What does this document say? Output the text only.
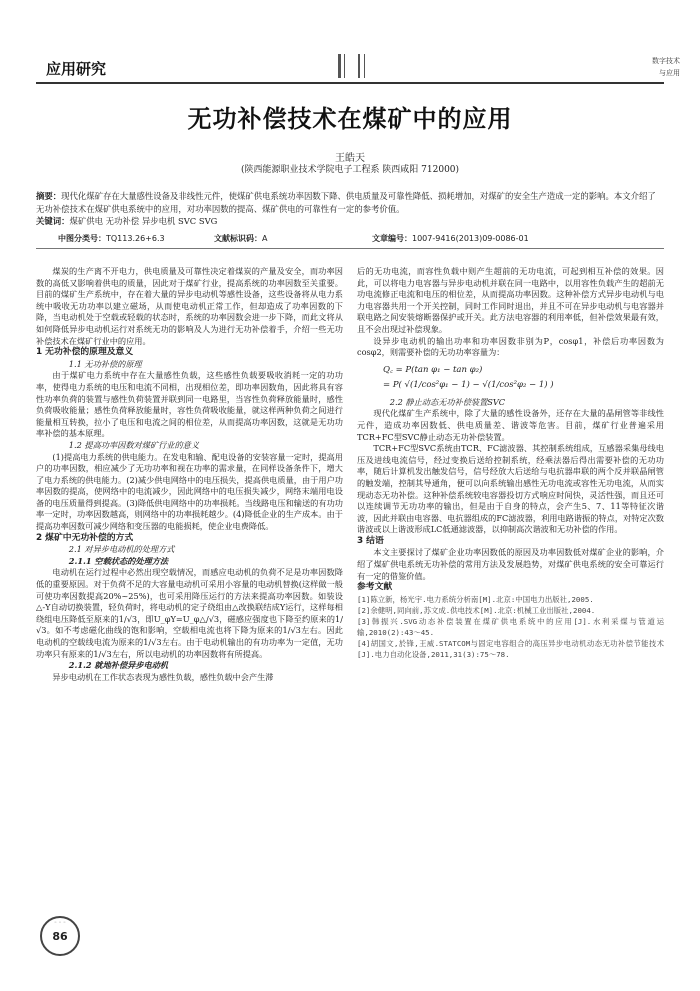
应用研究	数字技术
与应用
无功补偿技术在煤矿中的应用
王皓天
(陕西能源职业技术学院电子工程系 陕西咸阳 712000)
摘要：现代化煤矿存在大量感性设备及非线性元件，使煤矿供电系统功率因数下降、供电质量及可靠性降低、损耗增加，对煤矿的安全生产造成一定的影响。本文介绍了无功补偿技术在煤矿供电系统中的应用，对功率因数的提高、煤矿供电的可靠性有一定的参考价值。
关键词：煤矿供电 无功补偿 异步电机 SVC SVG
中图分类号：TQ113.26+6.3	文献标识码：A	文章编号：1007-9416(2013)09-0086-01

煤炭的生产离不开电力，供电质量及可靠性决定着煤炭的产量及安全，而功率因数的高低又影响着供电的质量，因此对于煤矿行业，提高系统的功率因数至关重要。目前的煤矿生产系统中，存在着大量的异步电动机等感性设备，这些设备将从电力系统中吸收无功功率以建立磁场，从而使电动机正常工作，但却造成了功率因数的下降，当电动机处于空载或轻载的状态时，系统的功率因数会进一步下降，而此文将从如何降低异步电动机运行对系统无功的影响及人为进行无功补偿着手，介绍一些无功补偿技术在煤矿行业中的应用。

1 无功补偿的原理及意义

1.1 无功补偿的原理

由于煤矿电力系统中存在大量感性负载，这些感性负载要吸收消耗一定的功功率，使得电力系统的电压和电流不同相，出现相位差，即功率因数角，因此将具有容性功率负荷的装置与感性负荷装置并联到同一电路里，当容性负荷释放能量时，感性负荷吸收能量；感性负荷释放能量时，容性负荷吸收能量，就这样两种负荷之间进行能量相互转换，拉小了电压和电流之间的相位差，从而提高功率因数，这就是无功功率补偿的基本原理。

1.2 提高功率因数对煤矿行业的意义

(1)提高电力系统的供电能力。在发电和输、配电设备的安装容量一定时，提高用户的功率因数，相应减少了无功功率和视在功率的需求量，在同样设备条件下，增大了电力系统的供电能力。(2)减少供电网络中的电压损失，提高供电质量，由于用户功率因数的提高，使网络中的电流减少，因此网络中的电压损失减少，网络末端用电设备的电压质量得到提高。(3)降低供电网络中的功率损耗。当线路电压和输送的有功功率一定时，功率因数越高，则网络中的功率损耗越少。(4)降低企业的生产成本。由于提高功率因数可减少网络和变压器的电能损耗，使企业电费降低。

2 煤矿中无功补偿的方式

2.1 对异步电动机的处理方式

2.1.1 空载状态的处理方法

电动机在运行过程中必然出现空载情况，而感应电动机的负荷不足是功率因数降低的重要原因。对于负荷不足的大容量电动机可采用小容量的电动机替换(这样做一般可使功率因数提高20%~25%)，也可采用降压运行的方法来提高功率因数。如装设△-Y自动切换装置，轻负荷时，将电动机的定子绕组由△改换联结成Y运行，这样每相绕组电压降低至原来的1/√3，即U_φY=U_φ△/√3，磁感应强度也下降至约原来的1/√3。如不考虑磁化曲线的饱和影响，空载相电流也将下降为原来的1/√3左右。因此电动机的空载线电流为原来的1/√3左右。由于电动机输出的有功功率为一定值，无功功率只有原来的1/√3左右，所以电动机的功率因数将有所提高。

2.1.2 就地补偿异步电动机

异步电动机在工作状态表现为感性负载，感性负载中会产生滞

后的无功电流，而容性负载中则产生超前的无功电流，可起到相互补偿的效果。因此，可以将电力电容器与异步电动机并联在同一电路中，以用容性负载产生的超前无功电流修正电流和电压的相位差，从而提高功率因数。这种补偿方式异步电动机与电力电容器共用一个开关控制，同时工作同时退出，并且不可在异步电动机与电容器并联电路之间安装熔断器保护或开关。此方法电容器的利用率低，但补偿效果最有效，且不会出现过补偿现象。

设异步电动机的输出功率和功率因数非别为P，cosφ1，补偿后功率因数为cosφ2，则需要补偿的无功功率容量为：

Q꜀ = P(tan φ₁ − tan φ₂)
= P( √(1/cos²φ₁ − 1) − √(1/cos²φ₂ − 1) )

2.2 静止动态无功补偿装置SVC

现代化煤矿生产系统中，除了大量的感性设备外，还存在大量的晶闸管等非线性元件，造成功率因数低、供电质量差、谐波等危害。目前，煤矿行业普遍采用TCR+FC型SVC静止动态无功补偿装置。

TCR+FC型SVC系统由TCR、FC滤波器、其控制系统组成，互感器采集母线电压及进线电流信号，经过变换后送给控制系统，经乘法器后得出需要补偿的无功功率，随后计算机发出触发信号，信号经放大后送给与电抗器串联的两个反并联晶闸管的触发端，控制其导通角，便可以向系统输出感性无功电流或容性无功电流，从而实现动态无功补偿。这种补偿系统较电容器投切方式响应时间快，灵活性强，而且还可以连续调节无功功率的输出，但是由于自身的特点，会产生5、7、11等特征次谐波，因此并联由电容器、电抗器组成的FC滤波器，利用电路谐振的特点，对特定次数谐波或以上谐波形成LC低通滤波器，以抑制高次谐波和无功补偿的作用。

3 结语

本文主要探讨了煤矿企业功率因数低的原因及功率因数低对煤矿企业的影响，介绍了煤矿供电系统无功补偿的常用方法及发展趋势，对煤矿供电系统的安全可靠运行有一定的借鉴价值。

参考文献

[1]陈立新，杨光宇.电力系统分析南[M].北京:中国电力出版社,2005.

[2]余健明,同向前,苏文成.供电技术[M].北京:机械工业出版社,2004.

[3]韩振兴.SVG动态补偿装置在煤矿供电系统中的应用[J].水利采煤与管道运输,2010(2):43～45.

[4]胡国文,於锋,王威.STATCOM与固定电容组合的高压异步电动机动态无功补偿节能技术[J].电力自动化设备,2011,31(3):75～78.

◦ ◦ ◦
86
